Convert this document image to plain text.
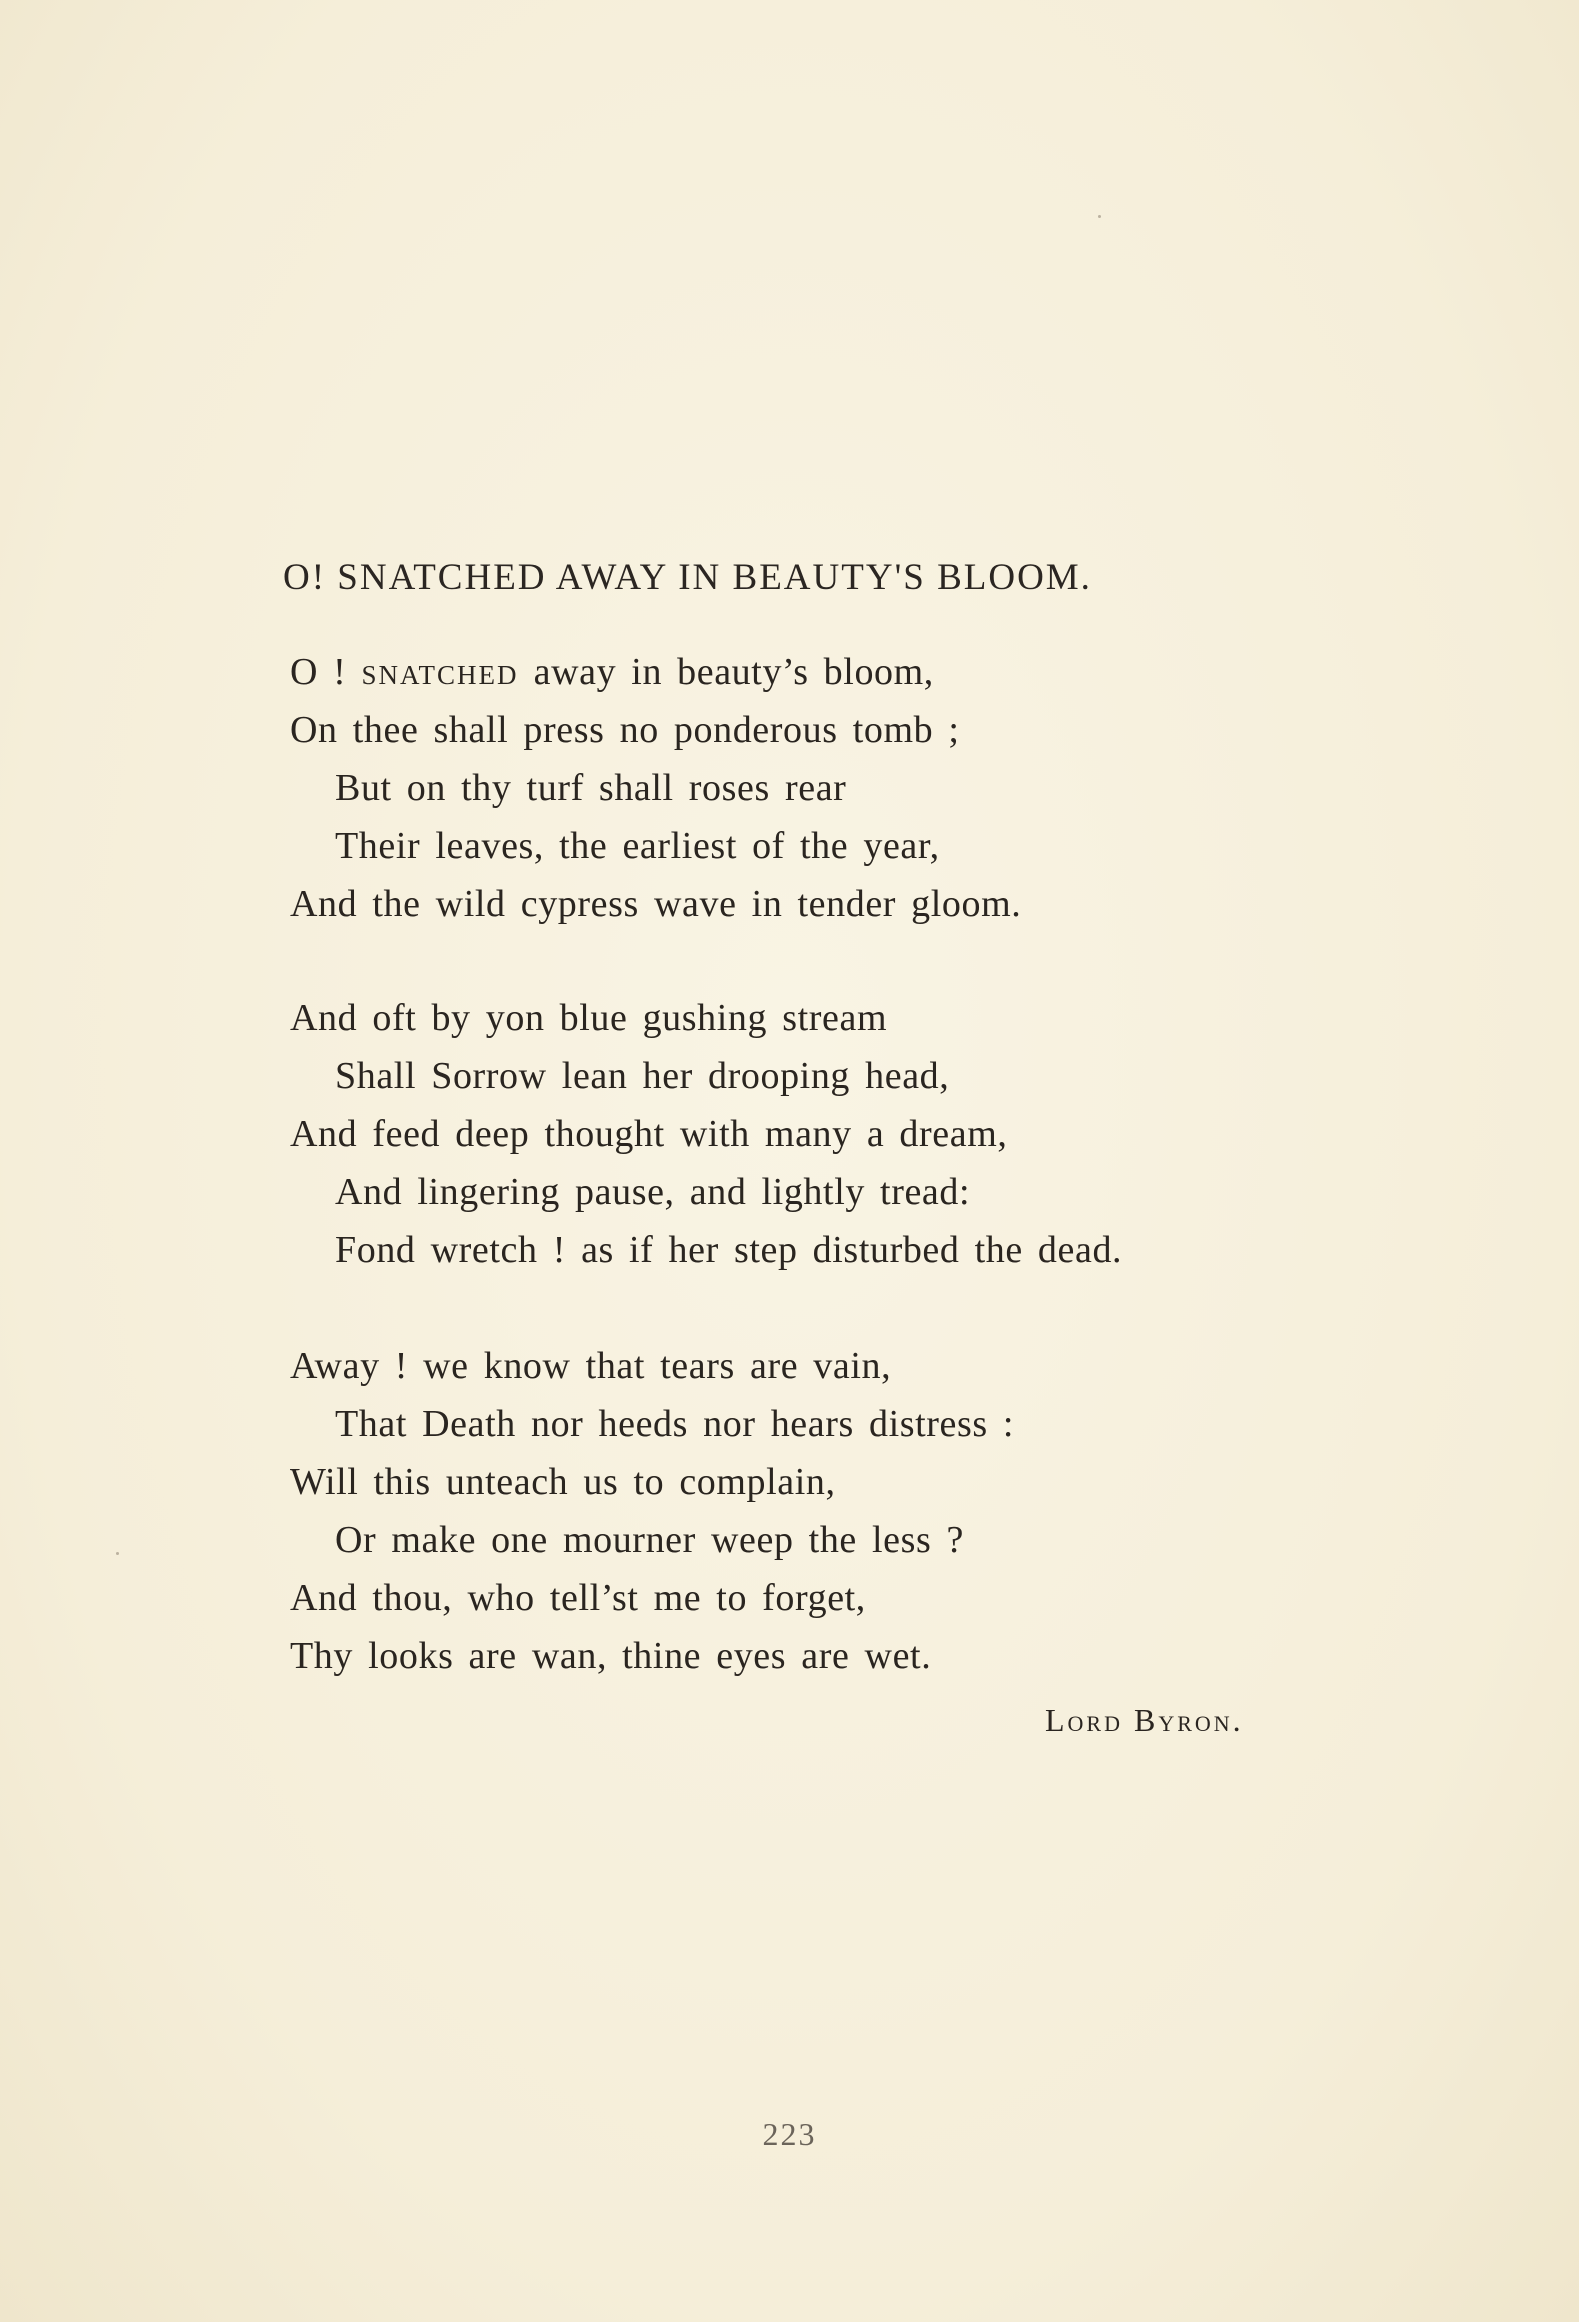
O! SNATCHED AWAY IN BEAUTY'S BLOOM.
O ! snatched away in beauty’s bloom,
On thee shall press no ponderous tomb ;
But on thy turf shall roses rear
Their leaves, the earliest of the year,
And the wild cypress wave in tender gloom.
And oft by yon blue gushing stream
Shall Sorrow lean her drooping head,
And feed deep thought with many a dream,
And lingering pause, and lightly tread:
Fond wretch ! as if her step disturbed the dead.
Away ! we know that tears are vain,
That Death nor heeds nor hears distress :
Will this unteach us to complain,
Or make one mourner weep the less ?
And thou, who tell’st me to forget,
Thy looks are wan, thine eyes are wet.
Lord Byron.
223
